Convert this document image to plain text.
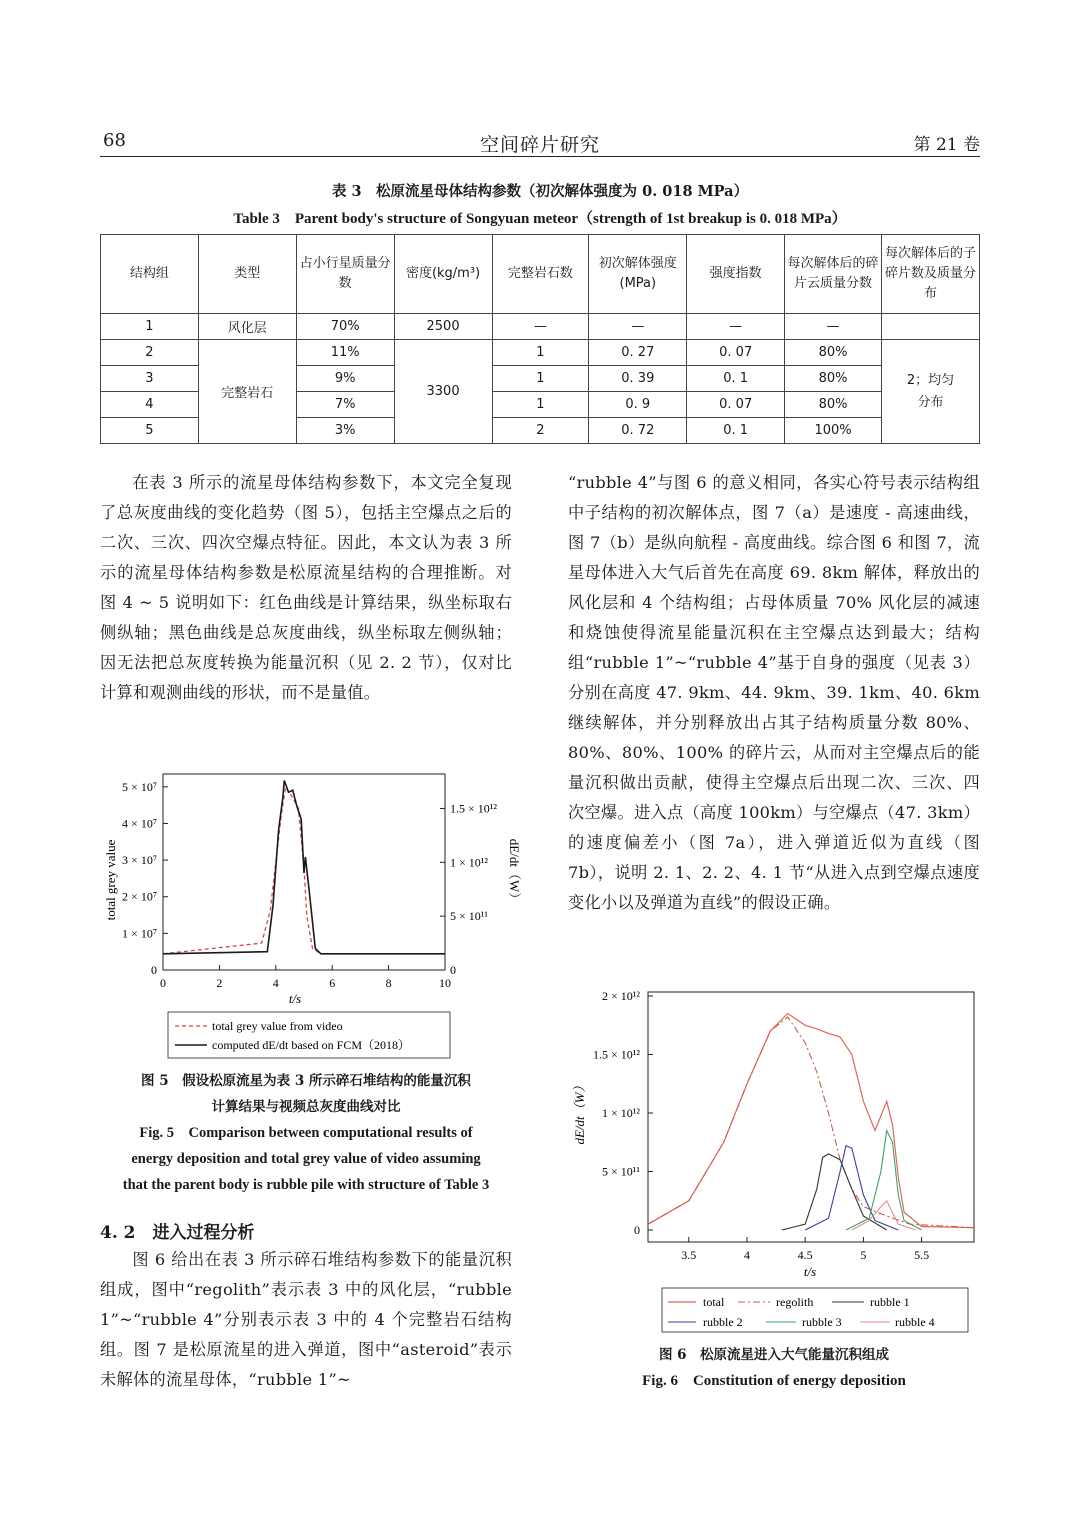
68	空间碎片研究	第 21 卷
表 3　松原流星母体结构参数（初次解体强度为 0. 018 MPa）
Table 3　Parent body's structure of Songyuan meteor（strength of 1st breakup is 0. 018 MPa）
结构组	类型	占小行星质量分数	密度(kg/m³)	完整岩石数	初次解体强度(MPa)	强度指数	每次解体后的碎片云质量分数	每次解体后的子碎片数及质量分布
1	风化层	70%	2500	—	—	—	—	
2	完整岩石	11%	3300	1	0. 27	0. 07	80%	2；均匀分布
3		9%		1	0. 39	0. 1	80%	
4		7%		1	0. 9	0. 07	80%	
5		3%		2	0. 72	0. 1	100%	
在表 3 所示的流星母体结构参数下，本文完全复现了总灰度曲线的变化趋势（图 5），包括主空爆点之后的二次、三次、四次空爆点特征。因此，本文认为表 3 所示的流星母体结构参数是松原流星结构的合理推断。对图 4 ~ 5 说明如下：红色曲线是计算结果，纵坐标取右侧纵轴；黑色曲线是总灰度曲线，纵坐标取左侧纵轴；因无法把总灰度转换为能量沉积（见 2. 2 节），仅对比计算和观测曲线的形状，而不是量值。
5 × 10⁷
4 × 10⁷
3 × 10⁷
2 × 10⁷
1 × 10⁷
0
1.5 × 10¹²
1 × 10¹²
5 × 10¹¹
0
0	2	4	6	8	10
total grey value	dE/dt（W）
t/s
total grey value from video
computed dE/dt based on FCM（2018）
图 5　假设松原流星为表 3 所示碎石堆结构的能量沉积
计算结果与视频总灰度曲线对比
Fig. 5　Comparison between computational results of
energy deposition and total grey value of video assuming
that the parent body is rubble pile with structure of Table 3
4. 2　进入过程分析
图 6 给出在表 3 所示碎石堆结构参数下的能量沉积组成，图中“regolith”表示表 3 中的风化层，“rubble 1”~“rubble 4”分别表示表 3 中的 4 个完整岩石结构组。图 7 是松原流星的进入弹道，图中“asteroid”表示未解体的流星母体，“rubble 1”~
“rubble 4”与图 6 的意义相同，各实心符号表示结构组中子结构的初次解体点，图 7（a）是速度 - 高速曲线，图 7（b）是纵向航程 - 高度曲线。综合图 6 和图 7，流星母体进入大气后首先在高度 69. 8km 解体，释放出的风化层和 4 个结构组；占母体质量 70% 风化层的减速和烧蚀使得流星能量沉积在主空爆点达到最大；结构组“rubble 1”~“rubble 4”基于自身的强度（见表 3）分别在高度 47. 9km、44. 9km、39. 1km、40. 6km 继续解体，并分别释放出占其子结构质量分数 80%、80%、80%、100% 的碎片云，从而对主空爆点后的能量沉积做出贡献，使得主空爆点后出现二次、三次、四次空爆。进入点（高度 100km）与空爆点（47. 3km）的速度偏差小（图 7a），进入弹道近似为直线（图 7b），说明 2. 1、2. 2、4. 1 节“从进入点到空爆点速度变化小以及弹道为直线”的假设正确。
2 × 10¹²
1.5 × 10¹²
1 × 10¹²
5 × 10¹¹
0
3.5	4	4.5	5	5.5
dE/dt（W）
t/s
total	regolith	rubble 1
rubble 2	rubble 3	rubble 4
图 6　松原流星进入大气能量沉积组成
Fig. 6　Constitution of energy deposition
